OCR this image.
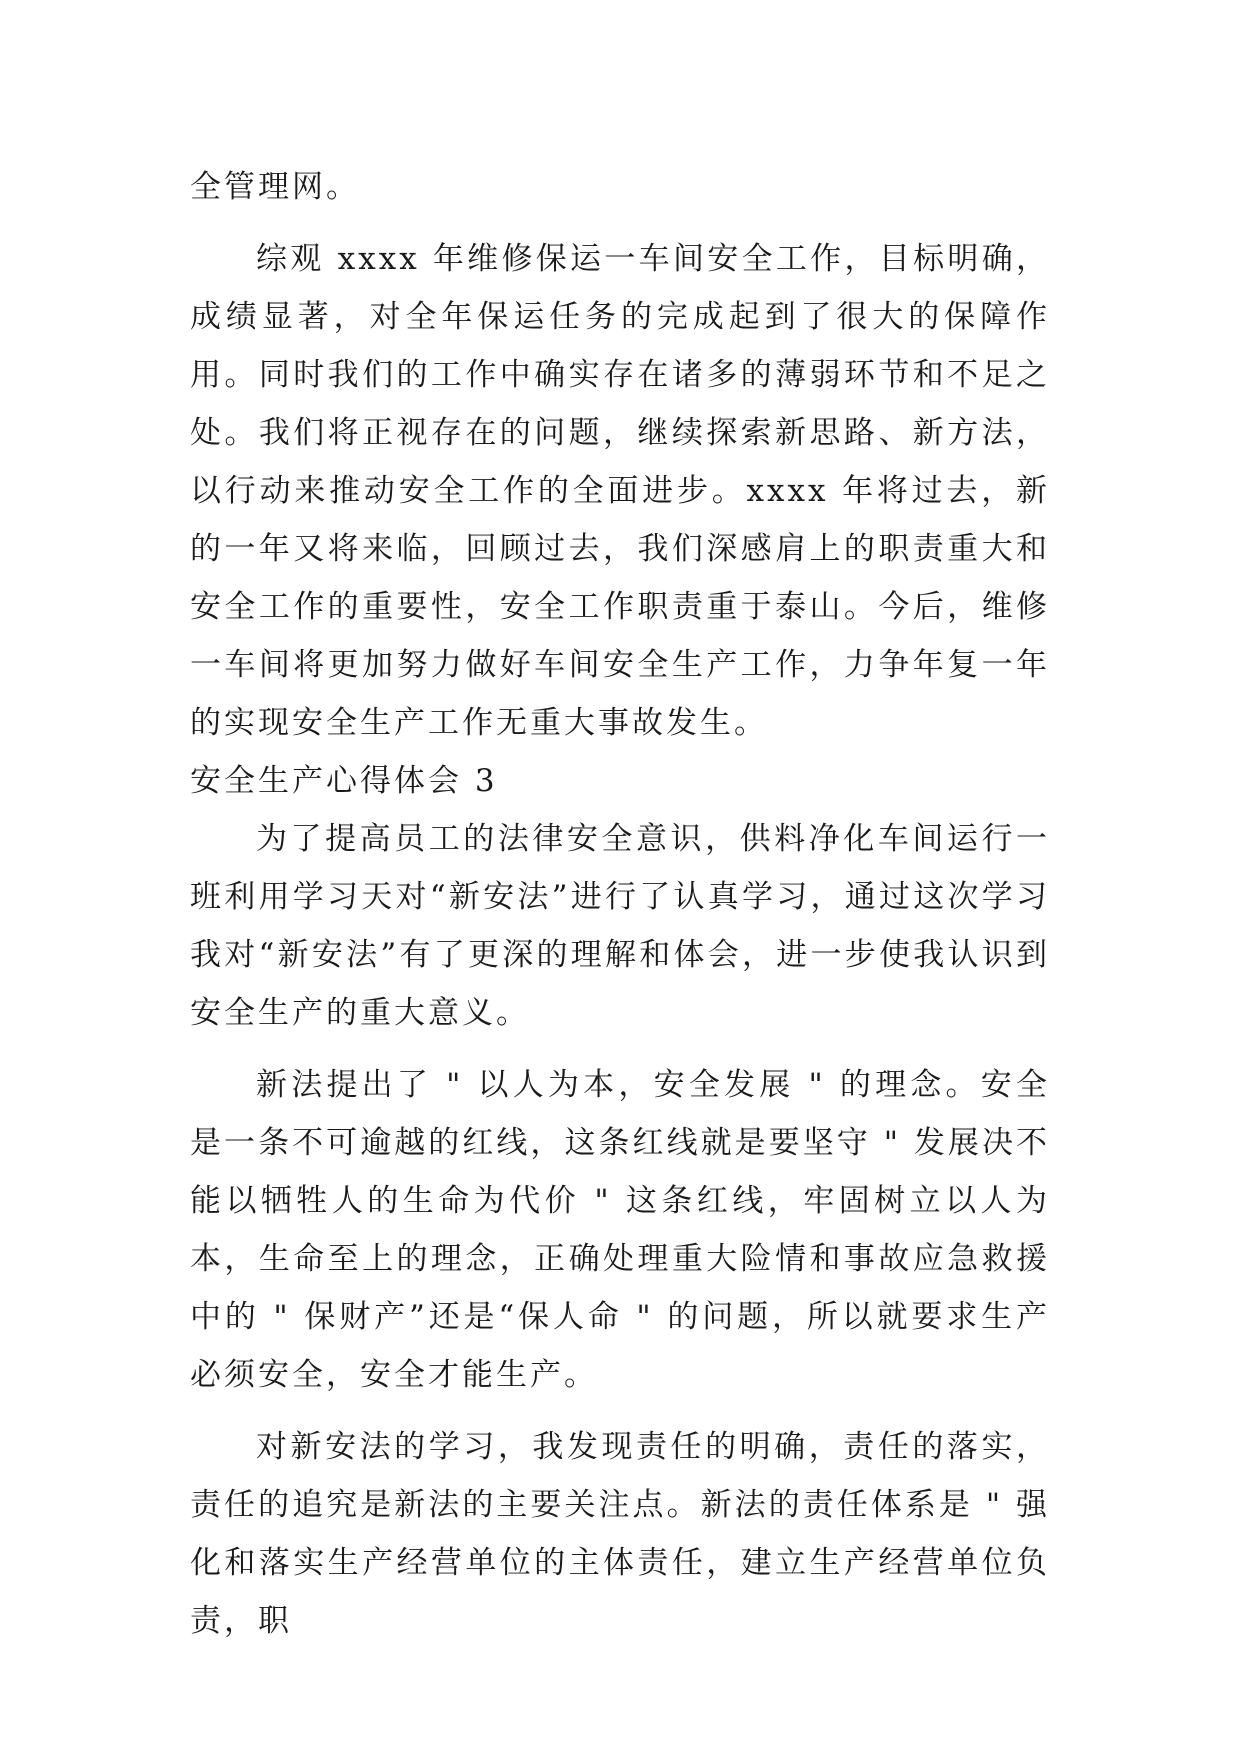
全管理网。

综观 xxxx 年维修保运一车间安全工作，目标明确，成绩显著，对全年保运任务的完成起到了很大的保障作用。同时我们的工作中确实存在诸多的薄弱环节和不足之处。我们将正视存在的问题，继续探索新思路、新方法，以行动来推动安全工作的全面进步。xxxx 年将过去，新的一年又将来临，回顾过去，我们深感肩上的职责重大和安全工作的重要性，安全工作职责重于泰山。今后，维修一车间将更加努力做好车间安全生产工作，力争年复一年的实现安全生产工作无重大事故发生。

安全生产心得体会 3

为了提高员工的法律安全意识，供料净化车间运行一班利用学习天对“新安法”进行了认真学习，通过这次学习我对“新安法”有了更深的理解和体会，进一步使我认识到安全生产的重大意义。

新法提出了 " 以人为本，安全发展 " 的理念。安全是一条不可逾越的红线，这条红线就是要坚守 " 发展决不能以牺牲人的生命为代价 " 这条红线，牢固树立以人为本，生命至上的理念，正确处理重大险情和事故应急救援中的 " 保财产”还是“保人命 " 的问题，所以就要求生产必须安全，安全才能生产。

对新安法的学习，我发现责任的明确，责任的落实，责任的追究是新法的主要关注点。新法的责任体系是 " 强化和落实生产经营单位的主体责任，建立生产经营单位负责，职
